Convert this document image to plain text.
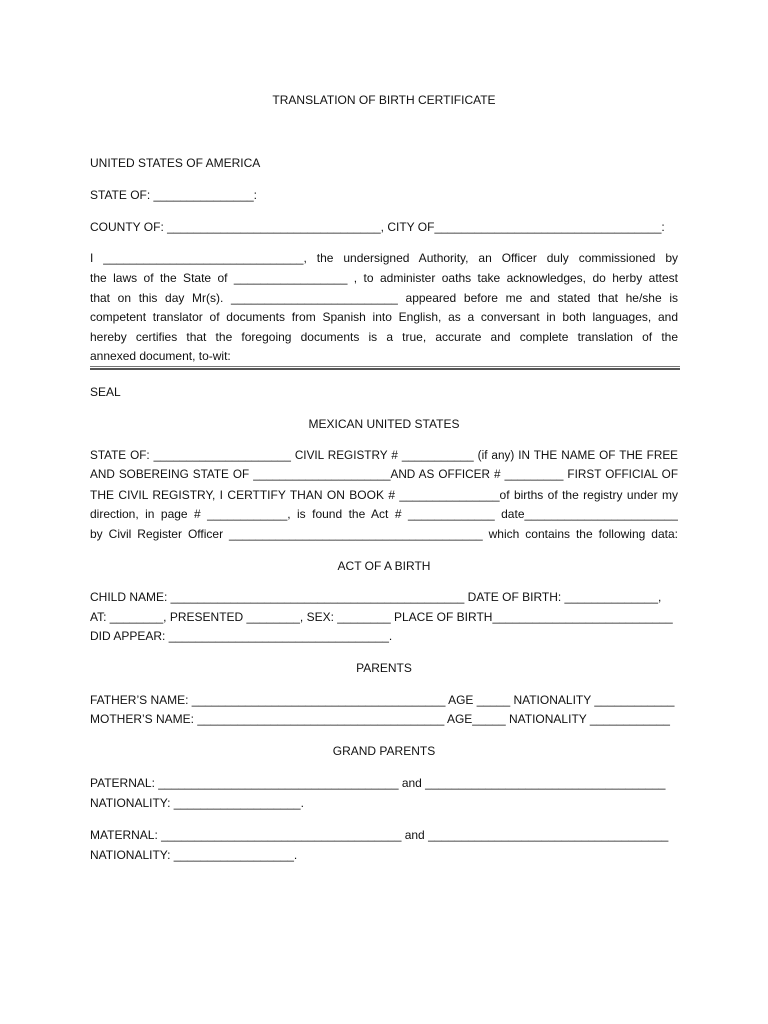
TRANSLATION OF BIRTH CERTIFICATE
UNITED STATES OF AMERICA
STATE OF: _______________:
COUNTY OF: ________________________________, CITY OF__________________________________:
I ______________________________, the undersigned Authority, an Officer duly commissioned by
the laws of the State of _________________ , to administer oaths take acknowledges, do herby attest
that on this day Mr(s). _________________________ appeared before me and stated that he/she is
competent translator of documents from Spanish into English, as a conversant in both languages, and
hereby certifies that the foregoing documents is a true, accurate and complete translation of the
annexed document, to-wit:
SEAL
MEXICAN UNITED STATES
STATE OF: _____________________ CIVIL REGISTRY # ___________ (if any) IN THE NAME OF THE FREE
AND SOBEREING STATE OF _____________________AND AS OFFICER # _________ FIRST OFFICIAL OF
THE CIVIL REGISTRY, I CERTTIFY THAN ON BOOK # _______________of births of the registry under my
direction, in page # ____________, is found the Act # _____________ date_______________________
by Civil Register Officer ______________________________________ which contains the following data:
ACT OF A BIRTH
CHILD NAME: ____________________________________________ DATE OF BIRTH: ______________,
AT: ________, PRESENTED ________, SEX: ________ PLACE OF BIRTH___________________________
DID APPEAR: _________________________________.
PARENTS
FATHER’S NAME: ______________________________________ AGE _____ NATIONALITY ____________
MOTHER’S NAME: _____________________________________ AGE_____ NATIONALITY ____________
GRAND PARENTS
PATERNAL: ____________________________________ and ____________________________________
NATIONALITY: ___________________.
MATERNAL: ____________________________________ and ____________________________________
NATIONALITY: __________________.
